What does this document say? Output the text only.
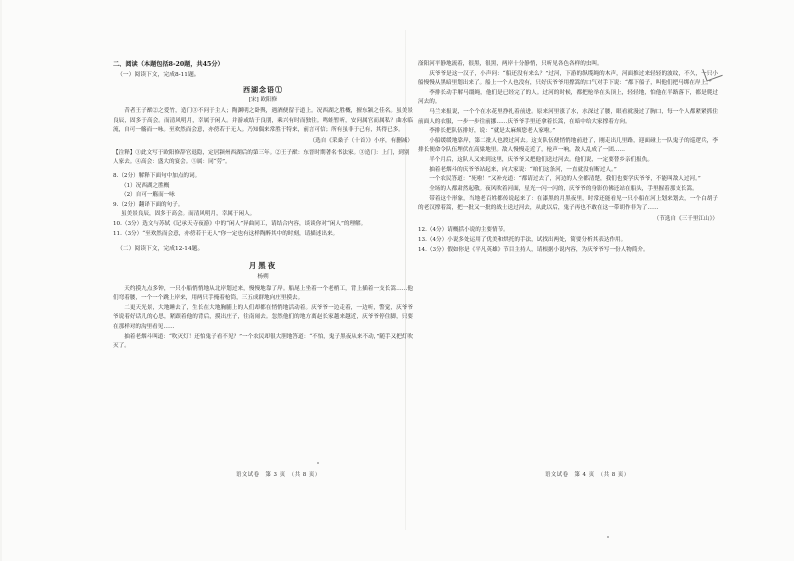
二、阅读（本题包括8-20题，共45分）
（一）阅读下文，完成8-11题。
西湖念语①
[宋] 欧阳修

昔者王子猷②之爱竹，造门③不问于主人；陶渊明之卧舆，遇酒便留于道上。况西湖之胜概，擅东颍之佳名。虽美景良辰，固多于高会。而清风明月，幸属于闲人。并游或结于良朋，乘兴有时而独往。鸣蛙暂听，安问属官而属私？曲水临流，自可一觞而一咏。至欢然而会意，亦傍若于无人。乃知偶来常胜于特来，前言可信；所有虽非于己有，其得已多。

（选自《采桑子（十首）》小序，有删减）
【注释】①此文写于欧阳修辞官退隐，定居颍州西湖后的第三年。②王子猷：东晋时期著名书法家。③造门：上门，到别人家去。④高会：盛大的宴会。⑤属：同“劳”。
8.（2分）解释下面句中加点的词。
（1）况西湖之胜概
（2）自可一觞而一咏
9.（2分）翻译下面的句子。
虽美景良辰，固多于高会。而清风明月，幸属于闲人。
10.（3分）选文与苏轼《记承天寺夜游》中的“闲人”异曲同工，请结合内容，谈谈你对“闲人”的理解。
11.（3分）“至欢然而会意，亦傍若于无人”你一定也有这样陶醉其中的时刻，请描述出来。
（二）阅读下文，完成12-14题。
月黑夜
杨朔

天约摸九点多钟，一只小船悄悄地从北岸划过来，慢慢地靠了岸。船尾上坐着一个老梢工，背上插着一支长篙……他们弯着腰，一个一个跳上岸来，用两只手掩着枪筒，三五成群地向庄里摸去。

二更天光景，大地睡去了，生长在大地胸脯上的人们却都在悄悄地活动着。庆爷爷一边走着，一边听，警觉，庆爷爷爷说着好话儿的心思，紧跟着他的背后，摸出庄子，往南闹去。忽然他们的地方离赵长家越来越近，庆爷爷停住脚，只要在那样对的沟里看见……

抽着老烟斗叫道：“吹灭灯！还怕鬼子看不见？”一个农民却很大胆地答道：“不怕，鬼子黑夜从来不动，”随手又把灯吹灭了。

语文试卷　第 3 页　（共 8 页）

滏阳河平静地流着，很黑，很黑，两岸十分静悄，只听见各色各样的虫叫。

庆爷爷是这一汉子，小声问：“船还没有来么？”过河，下游的纵缆绳的木声，河面推过来轻轻的波纹，不久，一只小船慢慢从黑暗里划出来了。船上一个人也没有，只好庆爷爷用撑篙的口气对手下说：“都下船子，叫他们把马绑在岸上。”

李排长动手解马缰绳，他们是已经完了的人。过河的时候，都把枪举在头顶上，轻轻地，怕他在半路落下，都是爬过河去的。

马兰来报说，一个个在水花里挣扎着前进。原来河里涨了水，水深过了腰，眼看就漫过了胸口，每一个人都紧紧抓住前面人的衣服，一步一步往前挪……庆爷爷手里还拿着长篙，在暗中给大家撑着方向。

李排长把队伍排好，说：“就是太麻烦您老人家啦。”

小船缓缓地靠岸，第二批人也渡过河去。这支队伍便悄悄地前进了，刚走出几里路，迎面碰上一队鬼子的巡逻兵，李排长便命令队伍埋伏在高粱地里。敌人慢慢走近了，枪声一响，敌人乱成了一团……

半个月后，这队人又来到这里，庆爷爷又把他们送过河去。他们说，一定要替乡亲们报仇。

抽着老烟斗的庆爷爷站起来，向大家说：“咱们这条河，一直就没有断过人。”

一个农民答道：“死啦！”又补充道：“都请过去了，河边的人全都清楚，我们也要学庆爷爷，不能叫敌人过河。”

全场的人都肃然起敬。夜风吹着河面，星光一闪一闪的，庆爷爷的身影仿佛还站在船头，手里握着那支长篙。

带着这个形象，当地老百姓都传说起来了：在漆黑的月黑夜里，时常还能看见一只小船在河上划来划去，一个白胡子的老汉撑着篙，把一批又一批的战士送过河去，从此以后，鬼子再也不敢在这一带胡作非为了……

（节选自《三千里江山》）
12.（4分）请概括小说的主要情节。
13.（4分）小说多处运用了优美和烘托的手法，试找出两处，简要分析其表达作用。
14.（3分）假如你是《平凡英雄》节目主持人，请根据小说内容，为庆爷爷写一份人物简介。
语文试卷　第 4 页　（共 8 页）
